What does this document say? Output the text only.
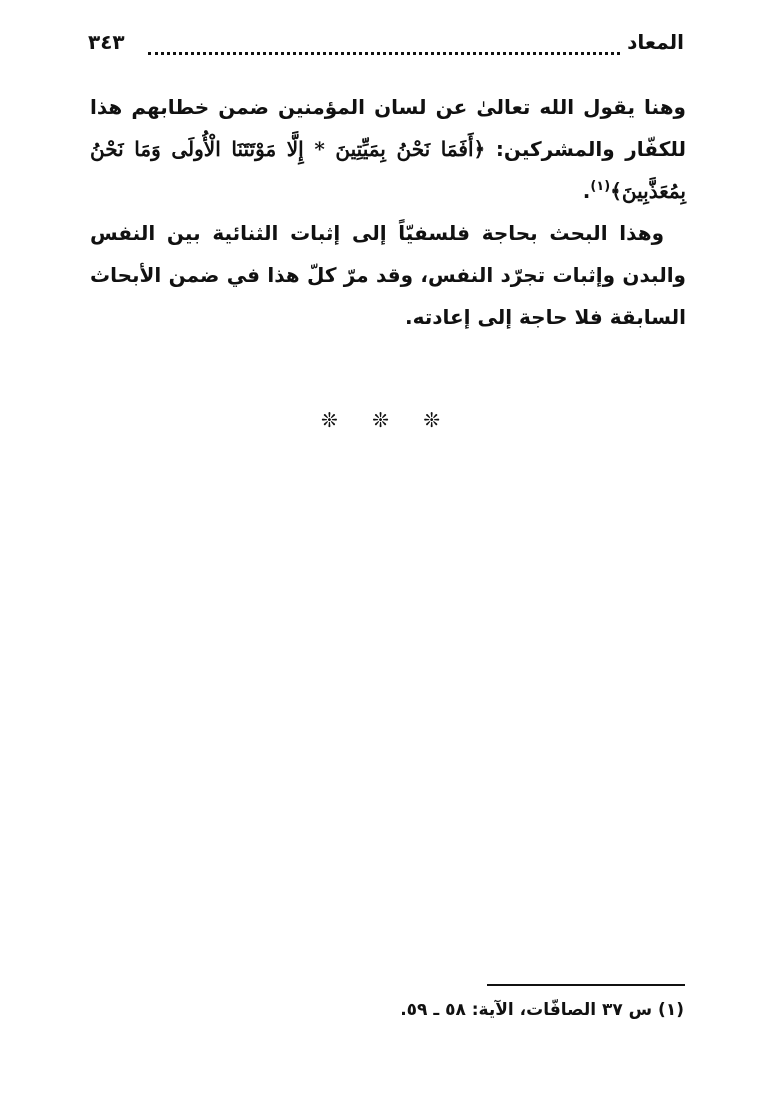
المعاد
٣٤٣

وهنا يقول الله تعالىٰ عن لسان المؤمنين ضمن خطابهم هذا للكفّار والمشركين: ﴿أَفَمَا نَحْنُ بِمَيِّتِينَ * إِلَّا مَوْتَتَنَا الْأُولَى وَمَا نَحْنُ بِمُعَذَّبِينَ﴾$^{(١)}$.

وهذا البحث بحاجة فلسفيّاً إلى إثبات الثنائية بين النفس والبدن وإثبات تجرّد النفس، وقد مرّ كلّ هذا في ضمن الأبحاث السابقة فلا حاجة إلى إعادته.

❊ ❊ ❊
(١) س ٣٧ الصافّات، الآية: ٥٨ ـ ٥٩.
